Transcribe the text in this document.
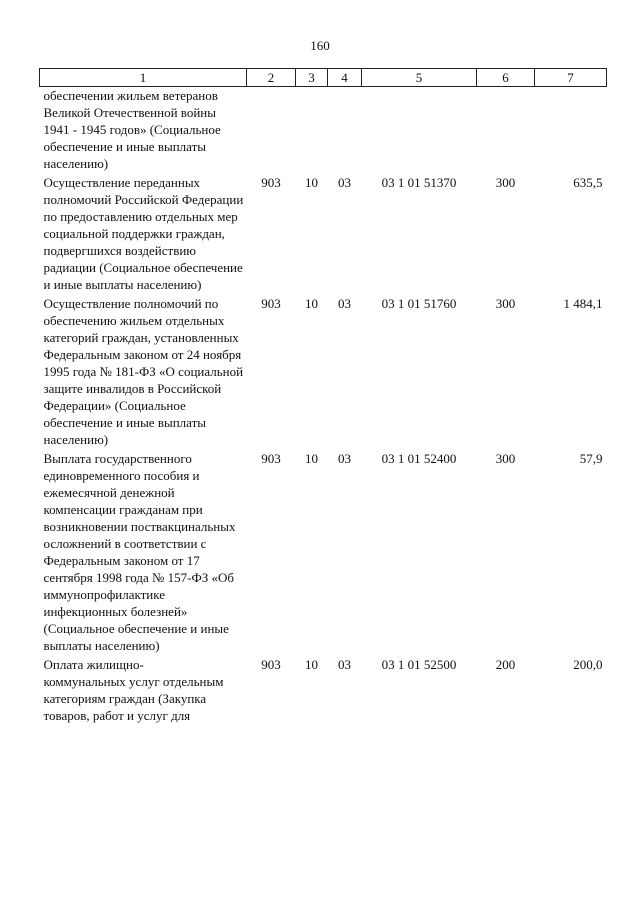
160
1	2	3	4	5	6	7
обеспечении жильем ветеранов Великой Отечественной войны 1941 - 1945 годов» (Социальное обеспечение и иные выплаты населению)						
Осуществление переданных полномочий Российской Федерации по предоставлению отдельных мер социальной поддержки граждан, подвергшихся воздействию радиации (Социальное обеспечение и иные выплаты населению)	903	10	03	03 1 01 51370	300	635,5
Осуществление полномочий по обеспечению жильем отдельных категорий граждан, установленных Федеральным законом от 24 ноября 1995 года № 181-ФЗ «О социальной защите инвалидов в Российской Федерации» (Социальное обеспечение и иные выплаты населению)	903	10	03	03 1 01 51760	300	1 484,1
Выплата государственного единовременного пособия и ежемесячной денежной компенсации гражданам при возникновении поствакцинальных осложнений в соответствии с Федеральным законом от 17 сентября 1998 года № 157-ФЗ «Об иммунопрофилактике инфекционных болезней» (Социальное обеспечение и иные выплаты населению)	903	10	03	03 1 01 52400	300	57,9
Оплата жилищно-коммунальных услуг отдельным категориям граждан (Закупка товаров, работ и услуг для	903	10	03	03 1 01 52500	200	200,0
